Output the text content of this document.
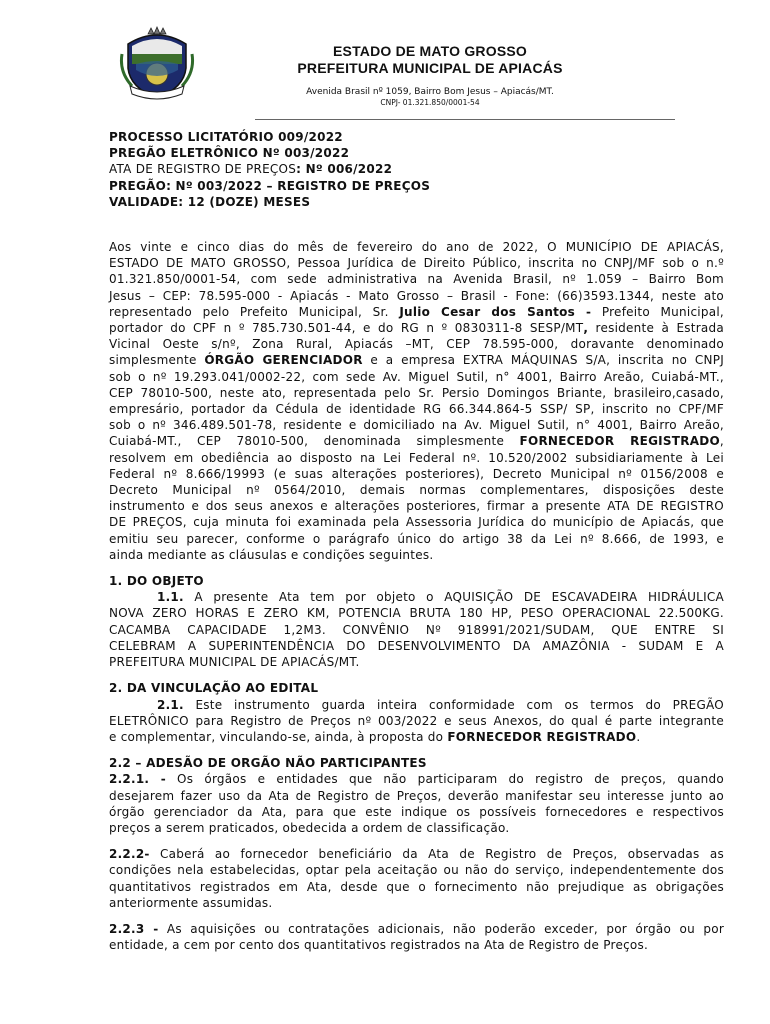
ESTADO DE MATO GROSSO
PREFEITURA MUNICIPAL DE APIACÁS
Avenida Brasil nº 1059, Bairro Bom Jesus – Apiacás/MT.
CNPJ- 01.321.850/0001-54
PROCESSO LICITATÓRIO 009/2022
PREGÃO ELETRÔNICO Nº 003/2022
ATA DE REGISTRO DE PREÇOS: Nº 006/2022
PREGÃO: Nº 003/2022 – REGISTRO DE PREÇOS
VALIDADE: 12 (DOZE) MESES

Aos vinte e cinco dias do mês de fevereiro do ano de 2022, O MUNICÍPIO DE APIACÁS,

ESTADO DE MATO GROSSO, Pessoa Jurídica de Direito Público, inscrita no CNPJ/MF sob o n.º

01.321.850/0001-54, com sede administrativa na Avenida Brasil, nº 1.059 – Bairro Bom

Jesus – CEP: 78.595-000 - Apiacás - Mato Grosso – Brasil - Fone: (66)3593.1344, neste ato

representado pelo Prefeito Municipal, Sr. Julio Cesar dos Santos - Prefeito Municipal,

portador do CPF n º 785.730.501-44, e do RG n º 0830311-8 SESP/MT, residente à Estrada

Vicinal Oeste s/nº, Zona Rural, Apiacás –MT, CEP 78.595-000, doravante denominado

simplesmente ÓRGÃO GERENCIADOR e a empresa EXTRA MÁQUINAS S/A, inscrita no CNPJ

sob o nº 19.293.041/0002-22, com sede Av. Miguel Sutil, n° 4001, Bairro Areão, Cuiabá-MT.,

CEP 78010-500, neste ato, representada pelo Sr. Persio Domingos Briante, brasileiro,casado,

empresário, portador da Cédula de identidade RG 66.344.864-5 SSP/ SP, inscrito no CPF/MF

sob o nº 346.489.501-78, residente e domiciliado na Av. Miguel Sutil, n° 4001, Bairro Areão,

Cuiabá-MT., CEP 78010-500, denominada simplesmente FORNECEDOR REGISTRADO,

resolvem em obediência ao disposto na Lei Federal nº. 10.520/2002 subsidiariamente à Lei

Federal nº 8.666/19993 (e suas alterações posteriores), Decreto Municipal nº 0156/2008 e

Decreto Municipal nº 0564/2010, demais normas complementares, disposições deste

instrumento e dos seus anexos e alterações posteriores, firmar a presente ATA DE REGISTRO

DE PREÇOS, cuja minuta foi examinada pela Assessoria Jurídica do município de Apiacás, que

emitiu seu parecer, conforme o parágrafo único do artigo 38 da Lei nº 8.666, de 1993, e

ainda mediante as cláusulas e condições seguintes.

1. DO OBJETO

1.1. A presente Ata tem por objeto o AQUISIÇÃO DE ESCAVADEIRA HIDRÁULICA

NOVA ZERO HORAS E ZERO KM, POTENCIA BRUTA 180 HP, PESO OPERACIONAL 22.500KG.

CACAMBA CAPACIDADE 1,2M3. CONVÊNIO Nº 918991/2021/SUDAM, QUE ENTRE SI

CELEBRAM A SUPERINTENDÊNCIA DO DESENVOLVIMENTO DA AMAZÔNIA - SUDAM E A

PREFEITURA MUNICIPAL DE APIACÁS/MT.

2. DA VINCULAÇÃO AO EDITAL

2.1. Este instrumento guarda inteira conformidade com os termos do PREGÃO

ELETRÔNICO para Registro de Preços nº 003/2022 e seus Anexos, do qual é parte integrante

e complementar, vinculando-se, ainda, à proposta do FORNECEDOR REGISTRADO.

2.2 – ADESÃO DE ORGÃO NÃO PARTICIPANTES

2.2.1. - Os órgãos e entidades que não participaram do registro de preços, quando

desejarem fazer uso da Ata de Registro de Preços, deverão manifestar seu interesse junto ao

órgão gerenciador da Ata, para que este indique os possíveis fornecedores e respectivos

preços a serem praticados, obedecida a ordem de classificação.

2.2.2- Caberá ao fornecedor beneficiário da Ata de Registro de Preços, observadas as

condições nela estabelecidas, optar pela aceitação ou não do serviço, independentemente dos

quantitativos registrados em Ata, desde que o fornecimento não prejudique as obrigações

anteriormente assumidas.

2.2.3 - As aquisições ou contratações adicionais, não poderão exceder, por órgão ou por

entidade, a cem por cento dos quantitativos registrados na Ata de Registro de Preços.
